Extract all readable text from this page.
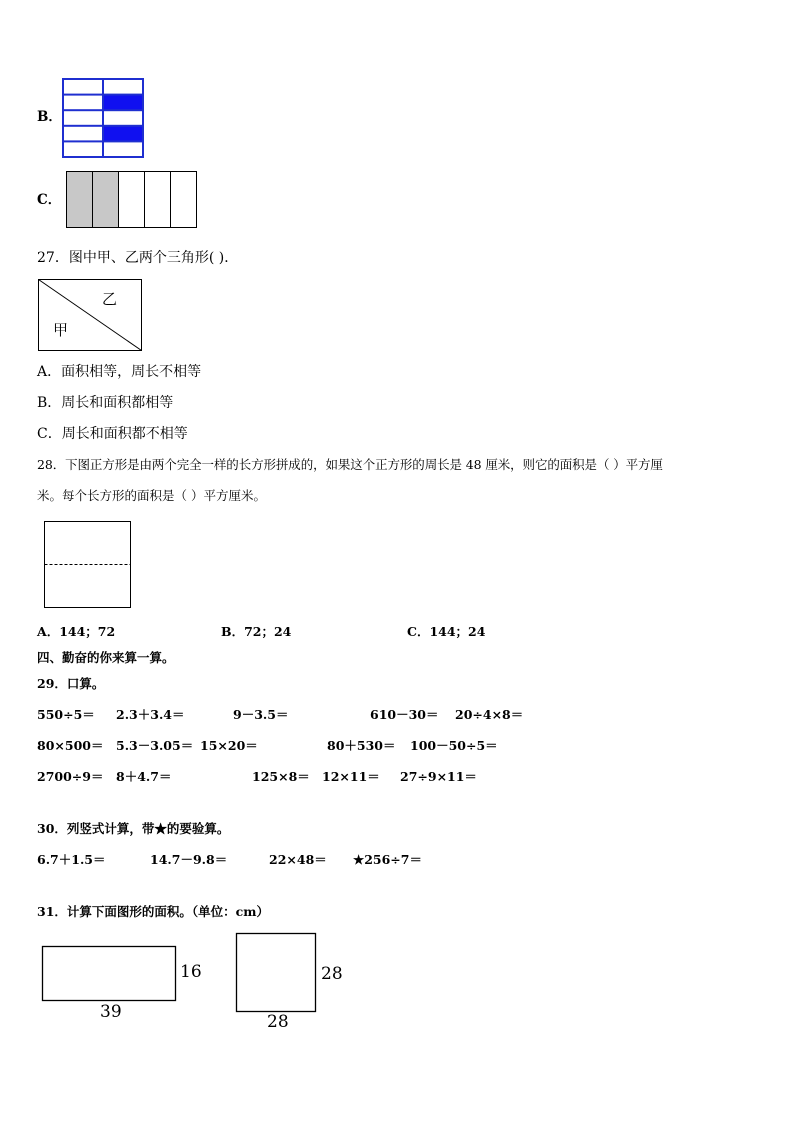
B．
C．
27．图中甲、乙两个三角形( )．
乙
甲
A．面积相等，周长不相等
B．周长和面积都相等
C．周长和面积都不相等
28．下图正方形是由两个完全一样的长方形拼成的，如果这个正方形的周长是 48 厘米，则它的面积是（ ）平方厘
米。每个长方形的面积是（ ）平方厘米。
A．144；72	B．72；24	C．144；24
四、勤奋的你来算一算。
29．口算。
550÷5＝ 2.3＋3.4＝	9－3.5＝	610－30＝ 20÷4×8＝
80×500＝ 5.3－3.05＝ 15×20＝	80＋530＝ 100－50÷5＝
2700÷9＝ 8＋4.7＝	125×8＝ 12×11＝ 27÷9×11＝
30．列竖式计算，带★的要验算。
6.7＋1.5＝	14.7－9.8＝	22×48＝ ★256÷7＝
31．计算下面图形的面积。（单位：cm）
16
39
28
28
